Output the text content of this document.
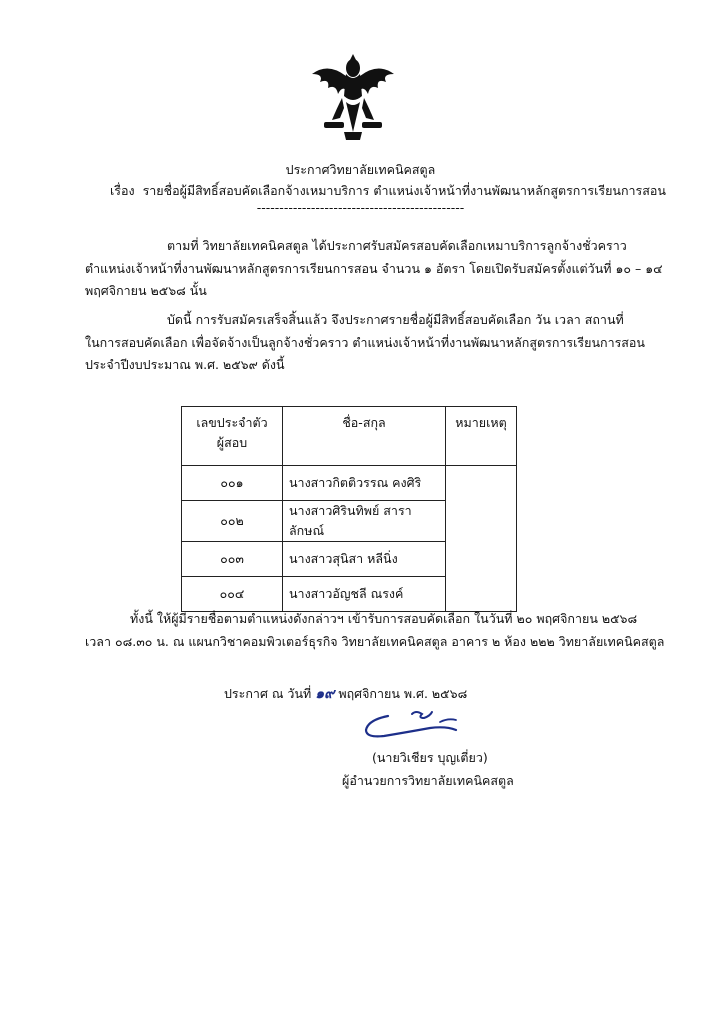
ประกาศวิทยาลัยเทคนิคสตูล
เรื่อง รายชื่อผู้มีสิทธิ์สอบคัดเลือกจ้างเหมาบริการ ตำแหน่งเจ้าหน้าที่งานพัฒนาหลักสูตรการเรียนการสอน
----------------------------------------------
ตามที่ วิทยาลัยเทคนิคสตูล ได้ประกาศรับสมัครสอบคัดเลือกเหมาบริการลูกจ้างชั่วคราว
ตำแหน่งเจ้าหน้าที่งานพัฒนาหลักสูตรการเรียนการสอน จำนวน ๑ อัตรา โดยเปิดรับสมัครตั้งแต่วันที่ ๑๐ – ๑๔
พฤศจิกายน ๒๕๖๘ นั้น
บัดนี้ การรับสมัครเสร็จสิ้นแล้ว จึงประกาศรายชื่อผู้มีสิทธิ์สอบคัดเลือก วัน เวลา สถานที่
ในการสอบคัดเลือก เพื่อจัดจ้างเป็นลูกจ้างชั่วคราว ตำแหน่งเจ้าหน้าที่งานพัฒนาหลักสูตรการเรียนการสอน
ประจำปีงบประมาณ พ.ศ. ๒๕๖๙ ดังนี้
เลขประจำตัว
ผู้สอบ	ชื่อ-สกุล	หมายเหตุ
๐๐๑	นางสาวกิตติวรรณ คงศิริ	
๐๐๒	นางสาวศิรินทิพย์ สาราลักษณ์	
๐๐๓	นางสาวสุนิสา หลีนิ่ง	
๐๐๔	นางสาวอัญชลี ณรงค์	
ทั้งนี้ ให้ผู้มีรายชื่อตามตำแหน่งดังกล่าวฯ เข้ารับการสอบคัดเลือก ในวันที่ ๒๐ พฤศจิกายน ๒๕๖๘
เวลา ๐๘.๓๐ น. ณ แผนกวิชาคอมพิวเตอร์ธุรกิจ วิทยาลัยเทคนิคสตูล อาคาร ๒ ห้อง ๒๒๒ วิทยาลัยเทคนิคสตูล
ประกาศ ณ วันที่ ๑๙ พฤศจิกายน พ.ศ. ๒๕๖๘
(นายวิเชียร บุญเตี่ยว)
ผู้อำนวยการวิทยาลัยเทคนิคสตูล
